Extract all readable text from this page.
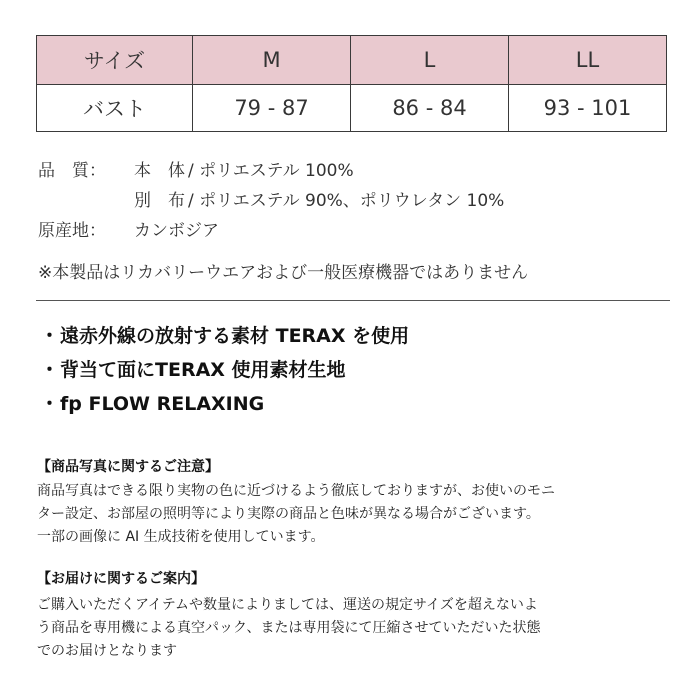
サイズ	M	L	LL
バスト	79 - 87	86 - 84	93 - 101
品　質： 本　体 / ポリエステル 100%
別　布 / ポリエステル 90%、ポリウレタン 10%
原産地： カンボジア
※本製品はリカバリーウエアおよび一般医療機器ではありません
・遠赤外線の放射する素材 TERAX を使用
・背当て面にTERAX 使用素材生地
・fp FLOW RELAXING
【商品写真に関するご注意】
商品写真はできる限り実物の色に近づけるよう徹底しておりますが、お使いのモニ
ター設定、お部屋の照明等により実際の商品と色味が異なる場合がございます。
一部の画像に AI 生成技術を使用しています。
【お届けに関するご案内】
ご購入いただくアイテムや数量によりましては、運送の規定サイズを超えないよ
う商品を専用機による真空パック、または専用袋にて圧縮させていただいた状態
でのお届けとなります
